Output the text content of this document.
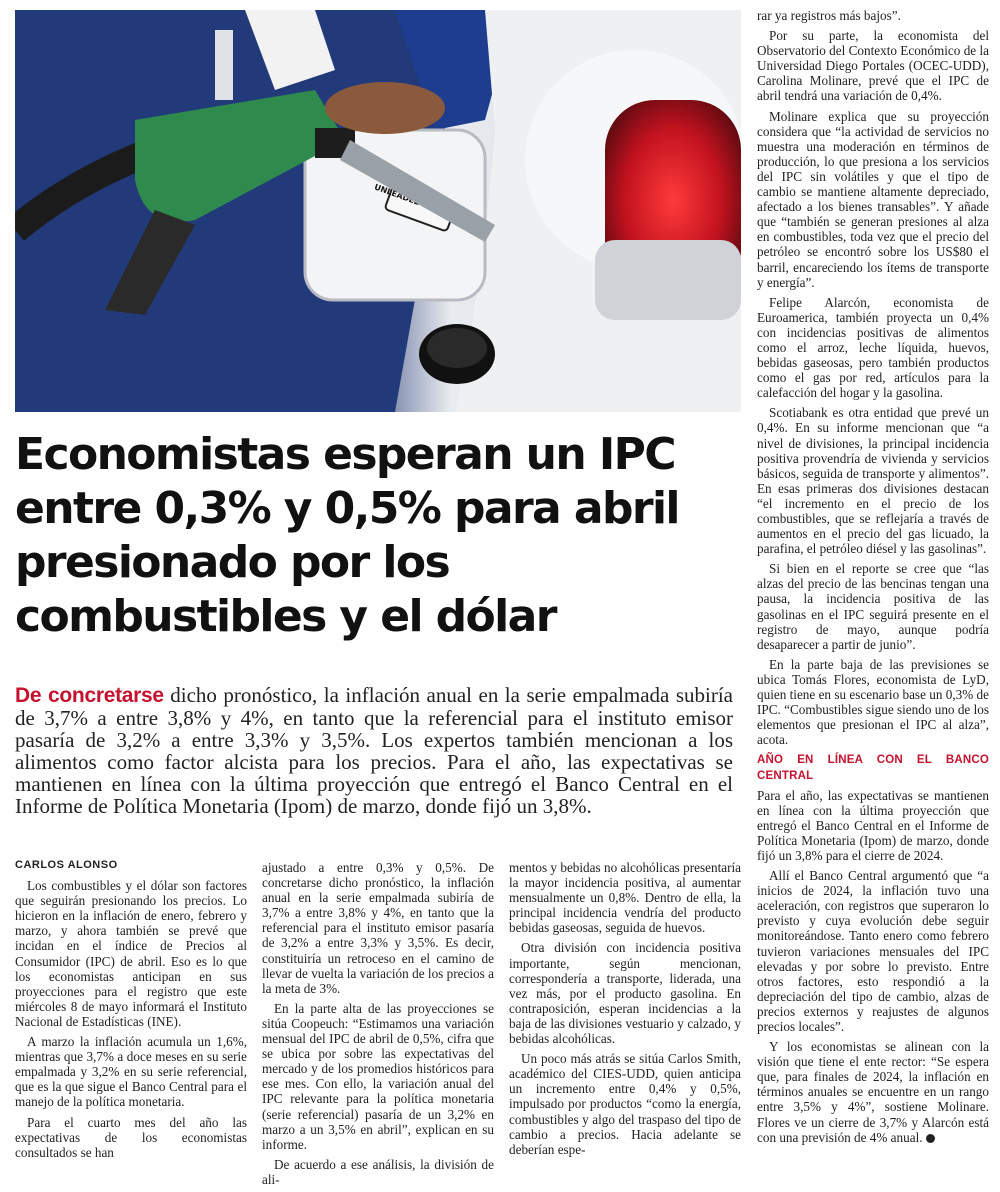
Economistas esperan un IPC entre 0,3% y 0,5% para abril presionado por los combustibles y el dólar

De concretarse dicho pronóstico, la inflación anual en la serie empalmada subiría de 3,7% a entre 3,8% y 4%, en tanto que la referencial para el instituto emisor pasaría de 3,2% a entre 3,3% y 3,5%. Los expertos también mencionan a los alimentos como factor alcista para los precios. Para el año, las expectativas se mantienen en línea con la última proyección que entregó el Banco Central en el Informe de Política Monetaria (Ipom) de marzo, donde fijó un 3,8%.

CARLOS ALONSO

Los combustibles y el dólar son factores que seguirán presionando los precios. Lo hicieron en la inflación de enero, febrero y marzo, y ahora también se prevé que incidan en el índice de Precios al Consumidor (IPC) de abril. Eso es lo que los economistas anticipan en sus proyecciones para el registro que este miércoles 8 de mayo informará el Instituto Nacional de Estadísticas (INE).

A marzo la inflación acumula un 1,6%, mientras que 3,7% a doce meses en su serie empalmada y 3,2% en su serie referencial, que es la que sigue el Banco Central para el manejo de la política monetaria.

Para el cuarto mes del año las expectativas de los economistas consultados se han

ajustado a entre 0,3% y 0,5%. De concretarse dicho pronóstico, la inflación anual en la serie empalmada subiría de 3,7% a entre 3,8% y 4%, en tanto que la referencial para el instituto emisor pasaría de 3,2% a entre 3,3% y 3,5%. Es decir, constituiría un retroceso en el camino de llevar de vuelta la variación de los precios a la meta de 3%.

En la parte alta de las proyecciones se sitúa Coopeuch: “Estimamos una variación mensual del IPC de abril de 0,5%, cifra que se ubica por sobre las expectativas del mercado y de los promedios históricos para ese mes. Con ello, la variación anual del IPC relevante para la política monetaria (serie referencial) pasaría de un 3,2% en marzo a un 3,5% en abril”, explican en su informe.

De acuerdo a ese análisis, la división de ali-

mentos y bebidas no alcohólicas presentaría la mayor incidencia positiva, al aumentar mensualmente un 0,8%. Dentro de ella, la principal incidencia vendría del producto bebidas gaseosas, seguida de huevos.

Otra división con incidencia positiva importante, según mencionan, correspondería a transporte, liderada, una vez más, por el producto gasolina. En contraposición, esperan incidencias a la baja de las divisiones vestuario y calzado, y bebidas alcohólicas.

Un poco más atrás se sitúa Carlos Smith, académico del CIES-UDD, quien anticipa un incremento entre 0,4% y 0,5%, impulsado por productos “como la energía, combustibles y algo del traspaso del tipo de cambio a precios. Hacia adelante se deberían espe-

rar ya registros más bajos”.

Por su parte, la economista del Observatorio del Contexto Económico de la Universidad Diego Portales (OCEC-UDD), Carolina Molinare, prevé que el IPC de abril tendrá una variación de 0,4%.

Molinare explica que su proyección considera que “la actividad de servicios no muestra una moderación en términos de producción, lo que presiona a los servicios del IPC sin volátiles y que el tipo de cambio se mantiene altamente depreciado, afectado a los bienes transables”. Y añade que “también se generan presiones al alza en combustibles, toda vez que el precio del petróleo se encontró sobre los US$80 el barril, encareciendo los ítems de transporte y energía”.

Felipe Alarcón, economista de Euroamerica, también proyecta un 0,4% con incidencias positivas de alimentos como el arroz, leche líquida, huevos, bebidas gaseosas, pero también productos como el gas por red, artículos para la calefacción del hogar y la gasolina.

Scotiabank es otra entidad que prevé un 0,4%. En su informe mencionan que “a nivel de divisiones, la principal incidencia positiva provendría de vivienda y servicios básicos, seguida de transporte y alimentos”. En esas primeras dos divisiones destacan “el incremento en el precio de los combustibles, que se reflejaría a través de aumentos en el precio del gas licuado, la parafina, el petróleo diésel y las gasolinas”.

Si bien en el reporte se cree que “las alzas del precio de las bencinas tengan una pausa, la incidencia positiva de las gasolinas en el IPC seguirá presente en el registro de mayo, aunque podría desaparecer a partir de junio”.

En la parte baja de las previsiones se ubica Tomás Flores, economista de LyD, quien tiene en su escenario base un 0,3% de IPC. “Combustibles sigue siendo uno de los elementos que presionan el IPC al alza”, acota.

AÑO EN LÍNEA CON EL BANCO CENTRAL

Para el año, las expectativas se mantienen en línea con la última proyección que entregó el Banco Central en el Informe de Política Monetaria (Ipom) de marzo, donde fijó un 3,8% para el cierre de 2024.

Allí el Banco Central argumentó que “a inicios de 2024, la inflación tuvo una aceleración, con registros que superaron lo previsto y cuya evolución debe seguir monitoreándose. Tanto enero como febrero tuvieron variaciones mensuales del IPC elevadas y por sobre lo previsto. Entre otros factores, esto respondió a la depreciación del tipo de cambio, alzas de precios externos y reajustes de algunos precios locales”.

Y los economistas se alinean con la visión que tiene el ente rector: “Se espera que, para finales de 2024, la inflación en términos anuales se encuentre en un rango entre 3,5% y 4%”, sostiene Molinare. Flores ve un cierre de 3,7% y Alarcón está con una previsión de 4% anual.
